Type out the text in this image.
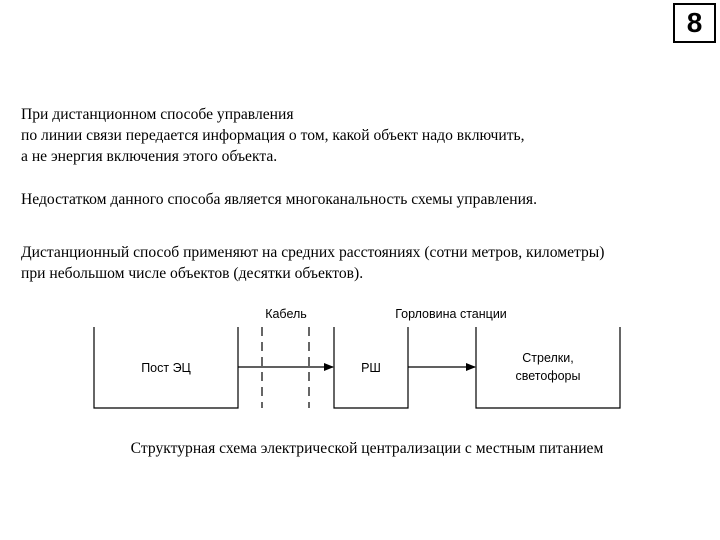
8

При дистанционном способе управления
по линии связи передается информация о том, какой объект надо включить,
а не энергия включения этого объекта.

Недостатком данного способа является многоканальность схемы управления.

Дистанционный способ применяют на средних расстояниях (сотни метров, километры)
при небольшом числе объектов (десятки объектов).

Кабель	Горловина станции
Пост ЭЦ	РШ
Стрелки,
светофоры
Структурная схема электрической централизации с местным питанием
